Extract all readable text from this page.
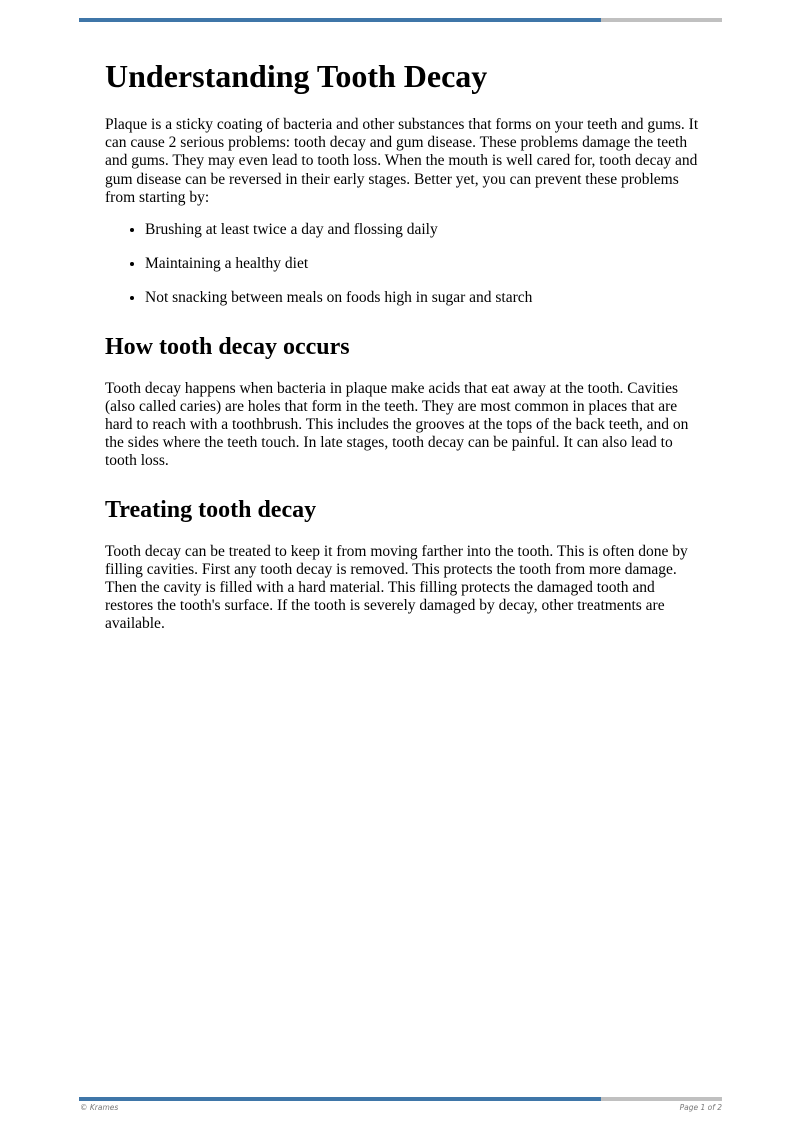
Understanding Tooth Decay

Plaque is a sticky coating of bacteria and other substances that forms on your teeth and gums. It can cause 2 serious problems: tooth decay and gum disease. These problems damage the teeth and gums. They may even lead to tooth loss. When the mouth is well cared for, tooth decay and gum disease can be reversed in their early stages. Better yet, you can prevent these problems from starting by:

• Brushing at least twice a day and flossing daily
• Maintaining a healthy diet
• Not snacking between meals on foods high in sugar and starch
How tooth decay occurs

Tooth decay happens when bacteria in plaque make acids that eat away at the tooth. Cavities (also called caries) are holes that form in the teeth. They are most common in places that are hard to reach with a toothbrush. This includes the grooves at the tops of the back teeth, and on the sides where the teeth touch. In late stages, tooth decay can be painful. It can also lead to tooth loss.

Treating tooth decay

Tooth decay can be treated to keep it from moving farther into the tooth. This is often done by filling cavities. First any tooth decay is removed. This protects the tooth from more damage. Then the cavity is filled with a hard material. This filling protects the damaged tooth and restores the tooth's surface. If the tooth is severely damaged by decay, other treatments are available.

© Krames	Page 1 of 2
